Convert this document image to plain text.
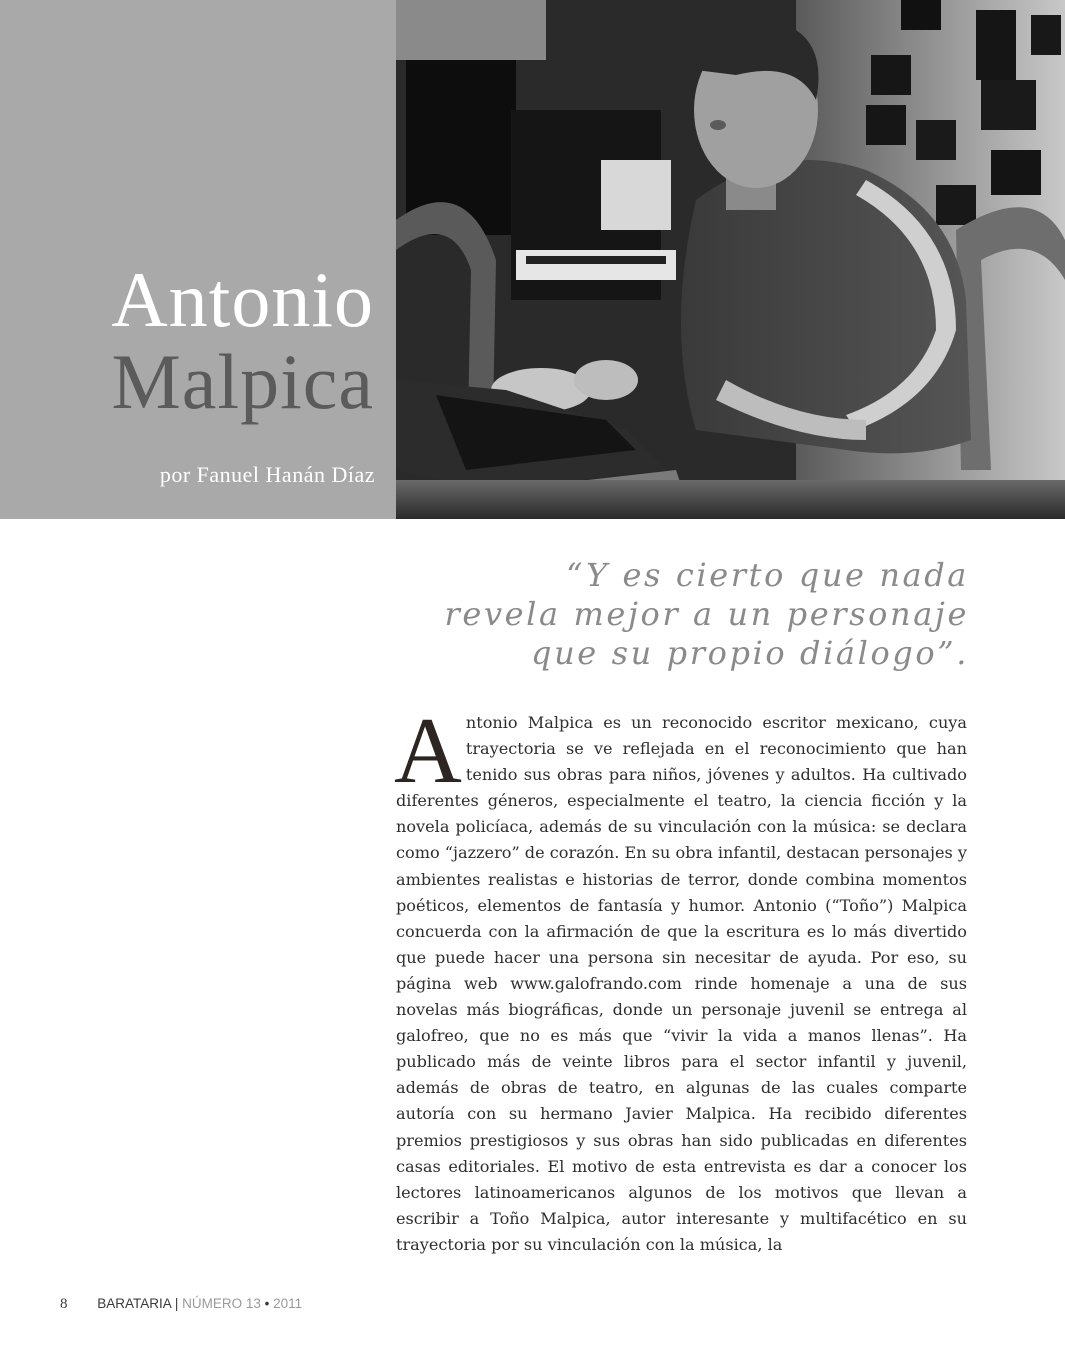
Antonio
Malpica
por Fanuel Hanán Díaz
“Y es cierto que nada
revela mejor a un personaje
que su propio diálogo”.
A ntonio Malpica es un reconocido escritor mexicano, cuya trayectoria se ve reflejada en el reconocimiento que han tenido sus obras para niños, jóvenes y adultos. Ha cultivado diferentes géneros, especialmente el teatro, la ciencia ficción y la novela policíaca, además de su vinculación con la música: se declara como “jazzero” de corazón. En su obra infantil, destacan personajes y ambientes realistas e historias de terror, donde combina momentos poéticos, elementos de fantasía y humor. Antonio (“Toño”) Malpica concuerda con la afirmación de que la escritura es lo más divertido que puede hacer una persona sin necesitar de ayuda. Por eso, su página web www.galofrando.com rinde homenaje a una de sus novelas más biográficas, donde un personaje juvenil se entrega al galofreo, que no es más que “vivir la vida a manos llenas”. Ha publicado más de veinte libros para el sector infantil y juvenil, además de obras de teatro, en algunas de las cuales comparte autoría con su hermano Javier Malpica. Ha recibido diferentes premios prestigiosos y sus obras han sido publicadas en diferentes casas editoriales. El motivo de esta entrevista es dar a conocer los lectores latinoamericanos algunos de los motivos que llevan a escribir a Toño Malpica, autor interesante y multifacético en su trayectoria por su vinculación con la música, la
8 BARATARIA | NÚMERO 13 • 2011
